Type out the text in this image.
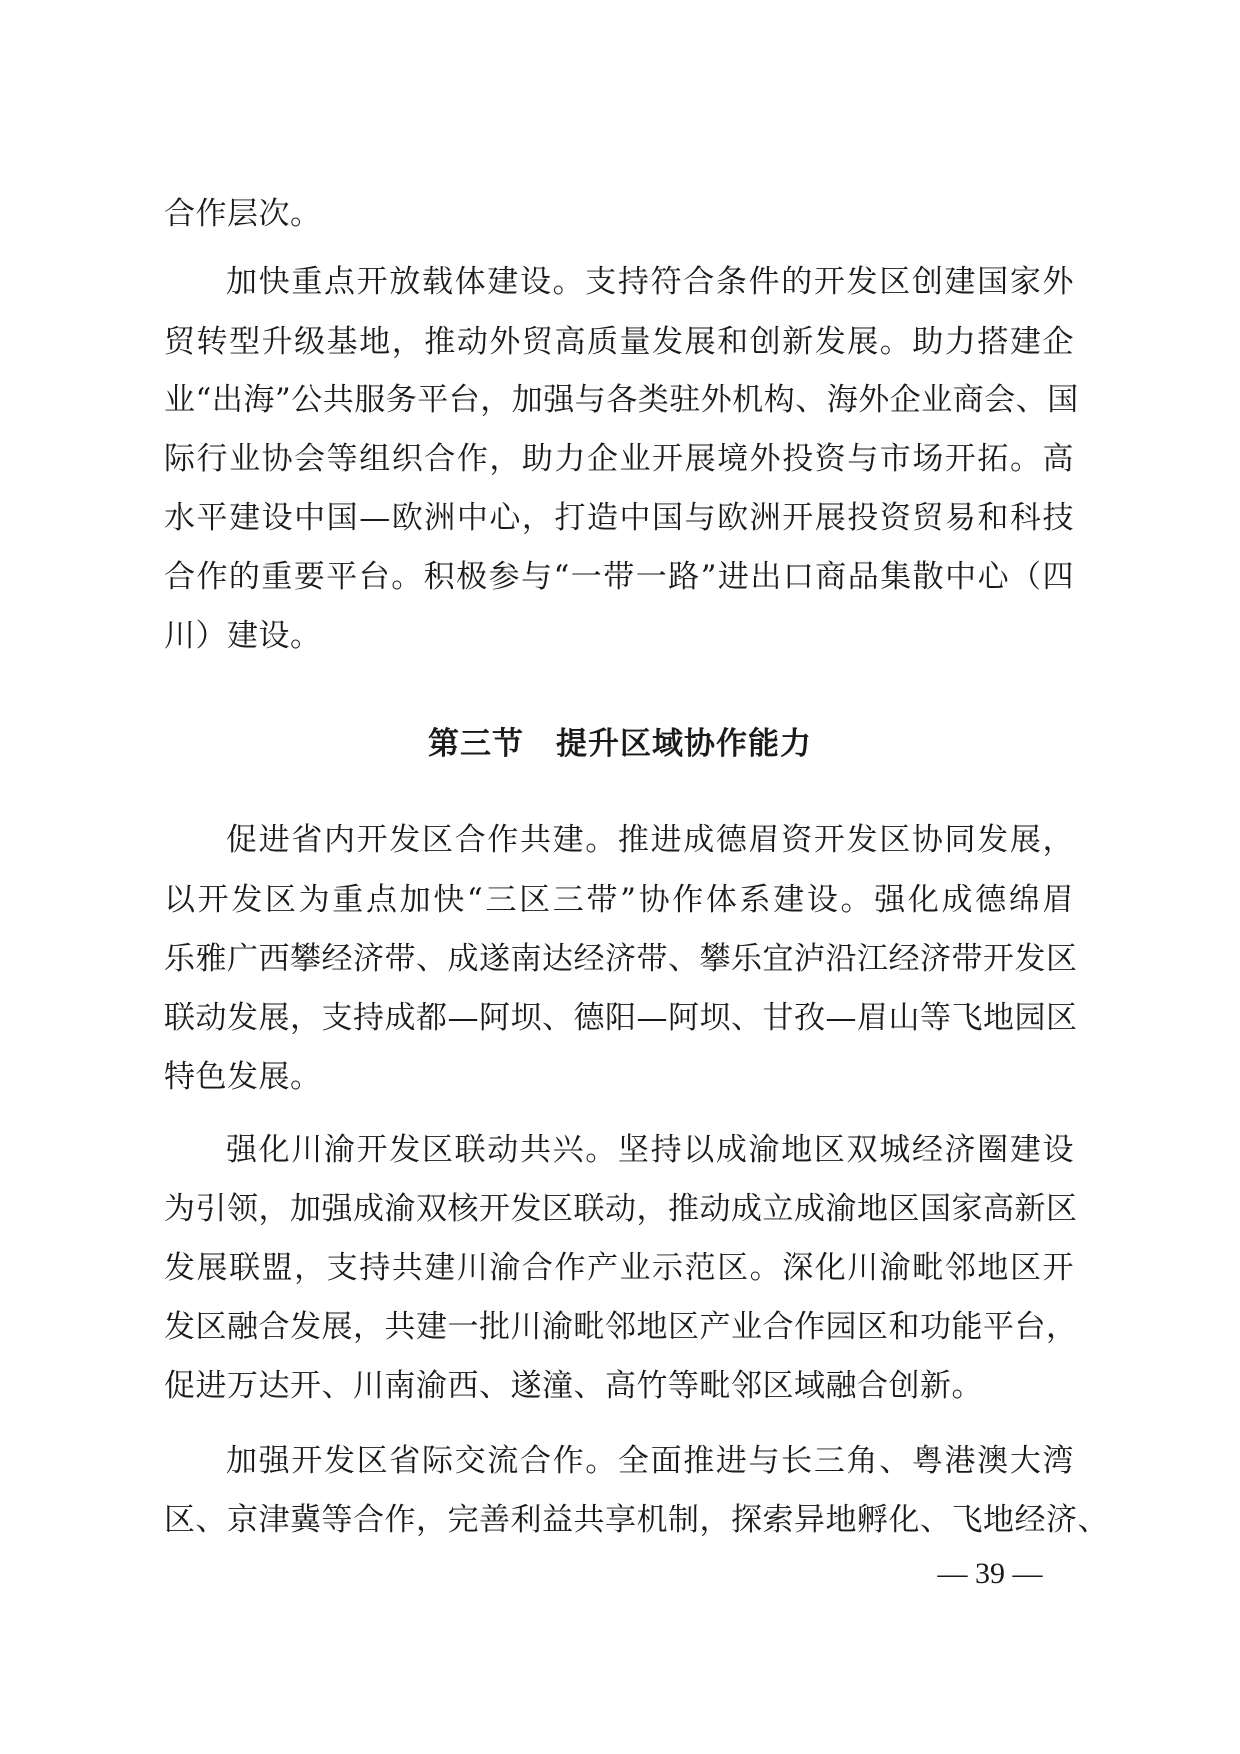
合作层次。
加快重点开放载体建设。支持符合条件的开发区创建国家外
贸转型升级基地，推动外贸高质量发展和创新发展。助力搭建企
业“出海”公共服务平台，加强与各类驻外机构、海外企业商会、国
际行业协会等组织合作，助力企业开展境外投资与市场开拓。高
水平建设中国—欧洲中心，打造中国与欧洲开展投资贸易和科技
合作的重要平台。积极参与“一带一路”进出口商品集散中心（四
川）建设。
第三节　提升区域协作能力
促进省内开发区合作共建。推进成德眉资开发区协同发展，
以开发区为重点加快“三区三带”协作体系建设。强化成德绵眉
乐雅广西攀经济带、成遂南达经济带、攀乐宜泸沿江经济带开发区
联动发展，支持成都—阿坝、德阳—阿坝、甘孜—眉山等飞地园区
特色发展。
强化川渝开发区联动共兴。坚持以成渝地区双城经济圈建设
为引领，加强成渝双核开发区联动，推动成立成渝地区国家高新区
发展联盟，支持共建川渝合作产业示范区。深化川渝毗邻地区开
发区融合发展，共建一批川渝毗邻地区产业合作园区和功能平台，
促进万达开、川南渝西、遂潼、高竹等毗邻区域融合创新。
加强开发区省际交流合作。全面推进与长三角、粤港澳大湾
区、京津冀等合作，完善利益共享机制，探索异地孵化、飞地经济、
— 39 —
